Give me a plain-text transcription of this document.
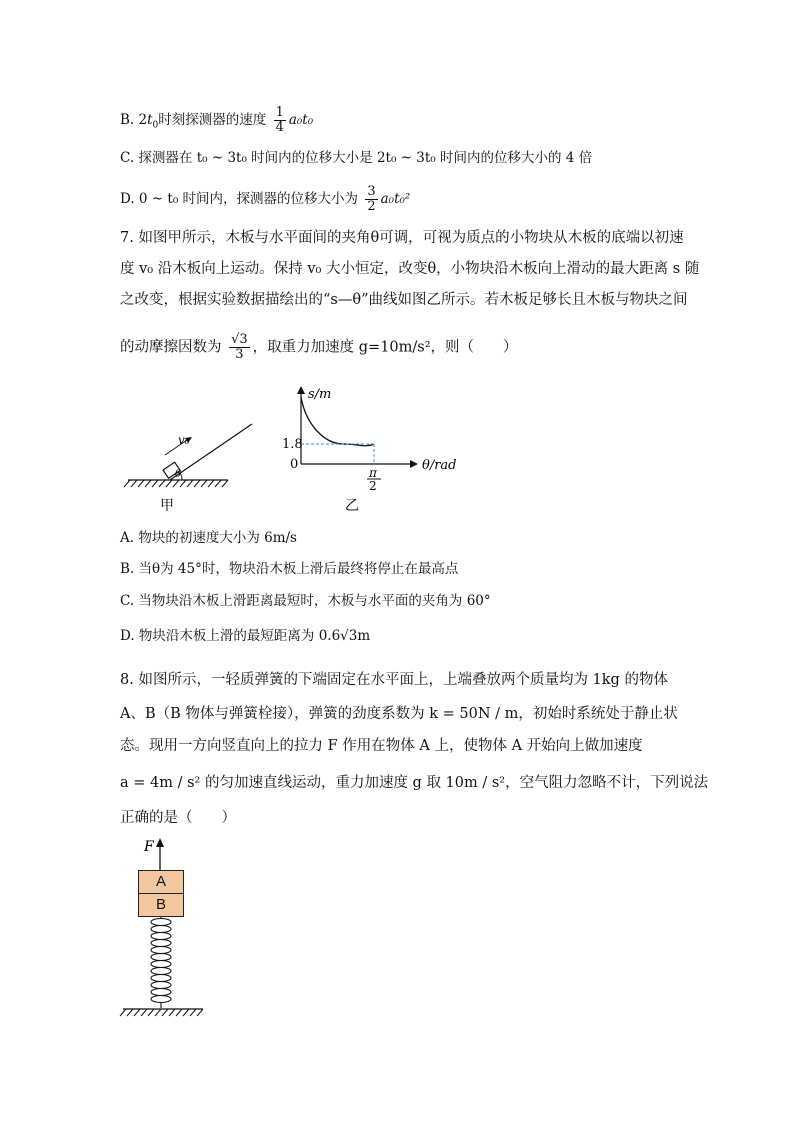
B. $2t_0$时刻探测器的速度 $\frac{1}{4} a_0t_0$
C. 探测器在 t₀ ~ 3t₀ 时间内的位移大小是 2t₀ ~ 3t₀ 时间内的位移大小的 4 倍
D. 0 ~ t₀ 时间内，探测器的位移大小为 $\frac{3}{2} a_0t_0^2$
7. 如图甲所示，木板与水平面间的夹角θ可调，可视为质点的小物块从木板的底端以初速
度 v₀ 沿木板向上运动。保持 v₀ 大小恒定，改变θ，小物块沿木板向上滑动的最大距离 s 随
之改变，根据实验数据描绘出的“s—θ”曲线如图乙所示。若木板足够长且木板与物块之间
的动摩擦因数为 $\frac{√3}{3}$ ，取重力加速度 g=10m/s²，则（　　）
v₀
θ
甲
s/m
θ/rad
1.8
0
π
2
乙
A. 物块的初速度大小为 6m/s
B. 当θ为 45°时，物块沿木板上滑后最终将停止在最高点
C. 当物块沿木板上滑距离最短时，木板与水平面的夹角为 60°
D. 物块沿木板上滑的最短距离为 0.6√3m
8. 如图所示，一轻质弹簧的下端固定在水平面上，上端叠放两个质量均为 1kg 的物体
A、B（B 物体与弹簧栓接），弹簧的劲度系数为 k = 50N / m，初始时系统处于静止状
态。现用一方向竖直向上的拉力 F 作用在物体 A 上，使物体 A 开始向上做加速度
a = 4m / s² 的匀加速直线运动，重力加速度 g 取 10m / s²，空气阻力忽略不计，下列说法
正确的是（　　）
F
A
B
